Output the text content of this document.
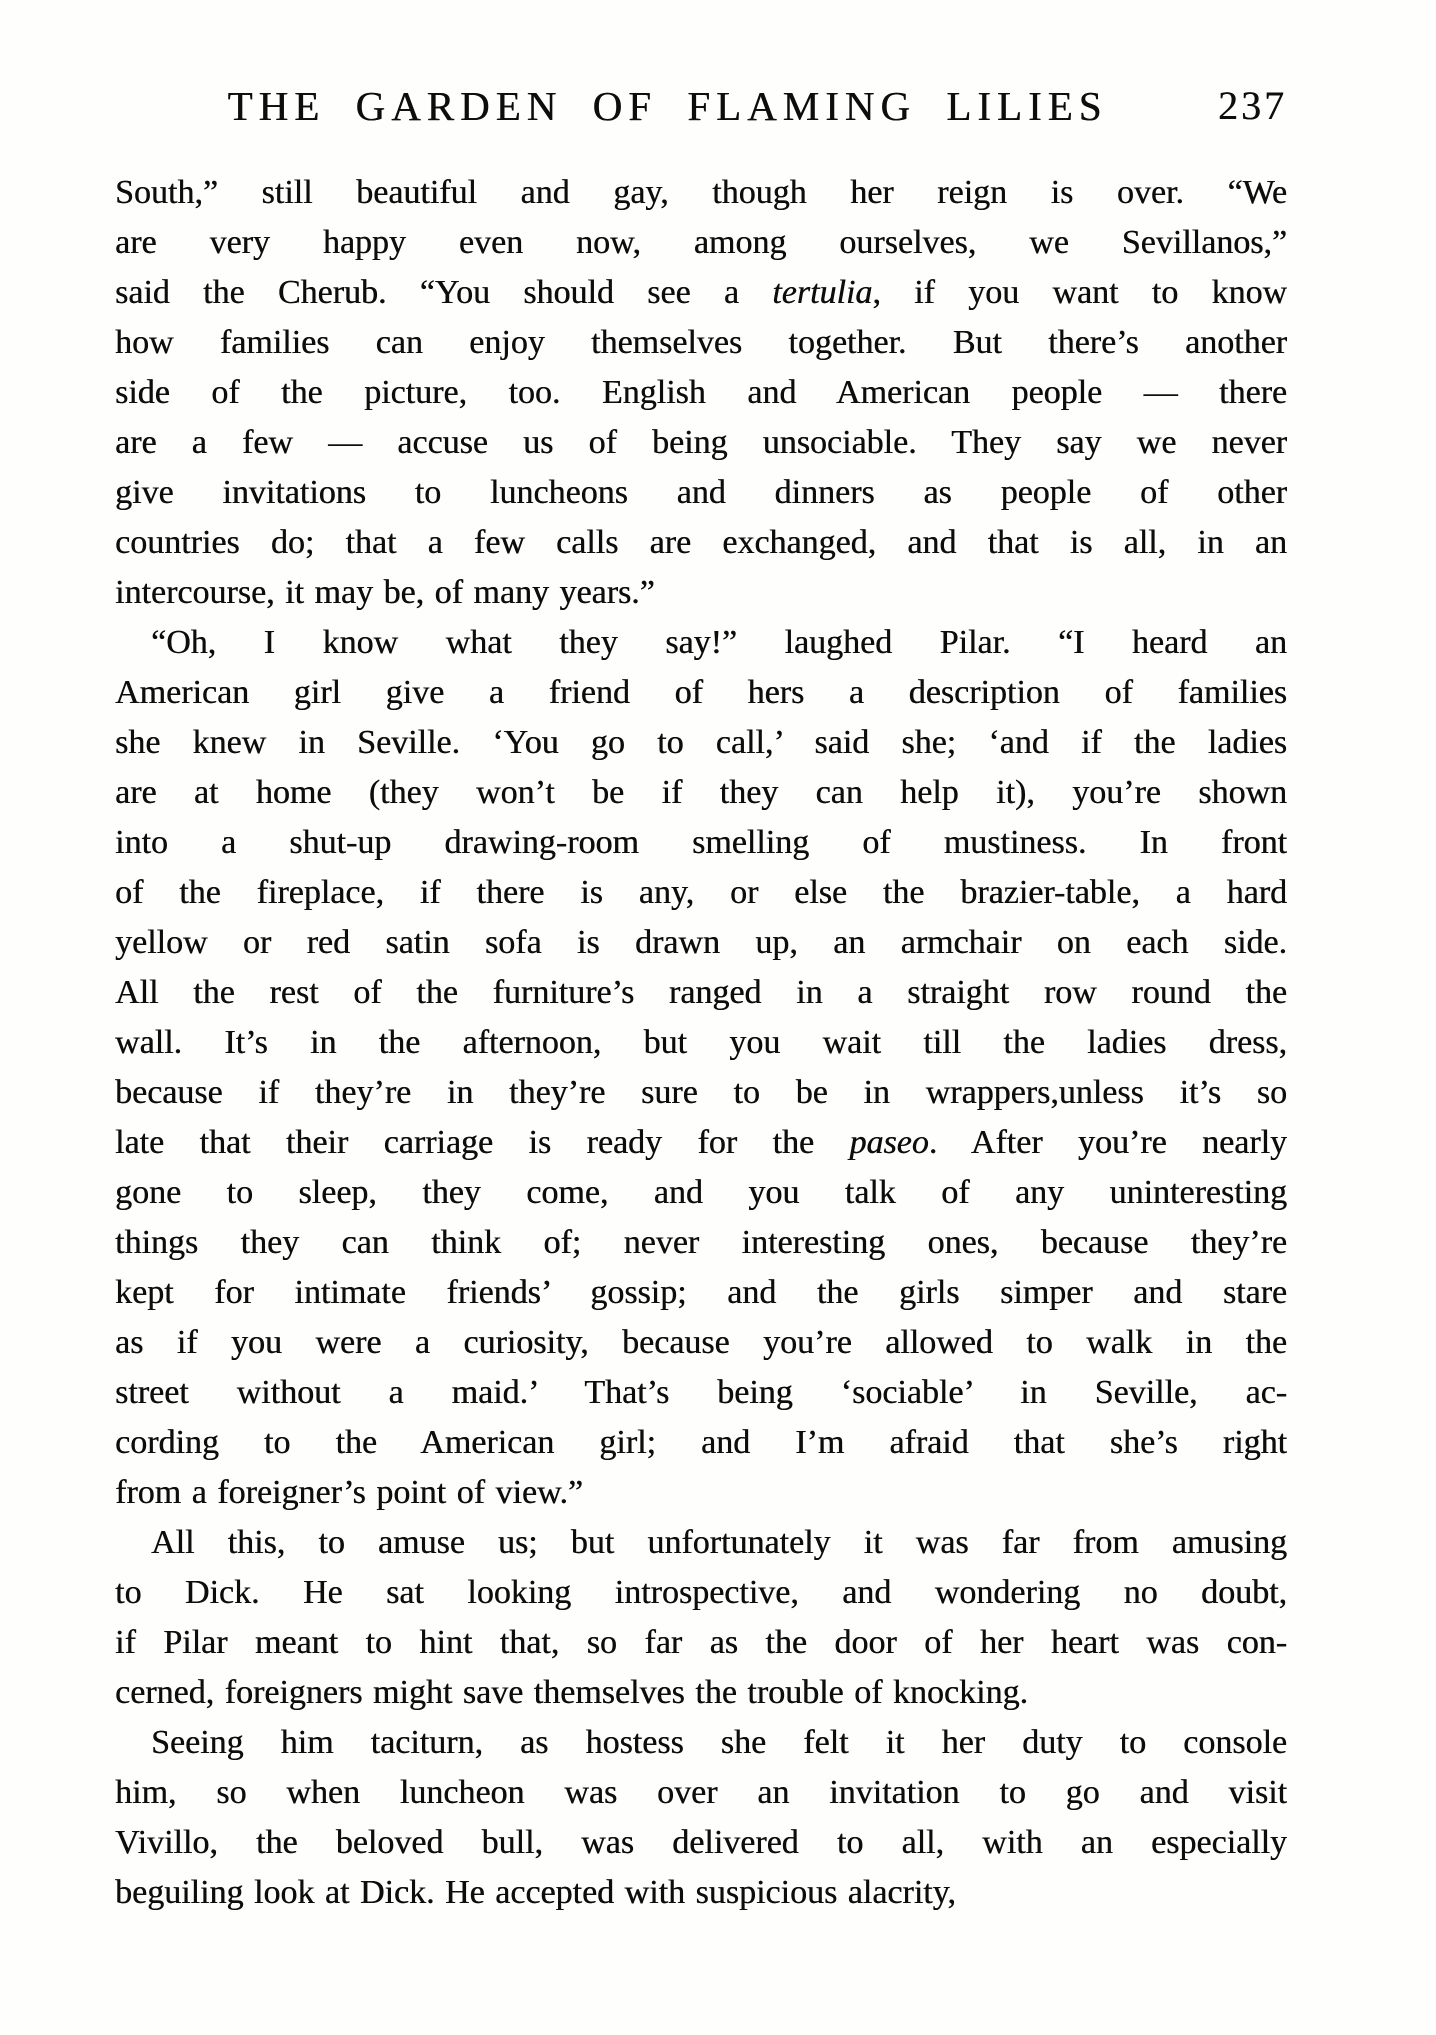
THE GARDEN OF FLAMING LILIES	237
South,” still beautiful and gay, though her reign is over. “We
are very happy even now, among ourselves, we Sevillanos,”
said the Cherub. “You should see a tertulia, if you want to know
how families can enjoy themselves together. But there’s another
side of the picture, too. English and American people — there
are a few — accuse us of being unsociable. They say we never
give invitations to luncheons and dinners as people of other
countries do; that a few calls are exchanged, and that is all, in an
intercourse, it may be, of many years.”
“Oh, I know what they say!” laughed Pilar. “I heard an
American girl give a friend of hers a description of families
she knew in Seville. ‘You go to call,’ said she; ‘and if the ladies
are at home (they won’t be if they can help it), you’re shown
into a shut-up drawing-room smelling of mustiness. In front
of the fireplace, if there is any, or else the brazier-table, a hard
yellow or red satin sofa is drawn up, an armchair on each side.
All the rest of the furniture’s ranged in a straight row round the
wall. It’s in the afternoon, but you wait till the ladies dress,
because if they’re in they’re sure to be in wrappers,unless it’s so
late that their carriage is ready for the paseo. After you’re nearly
gone to sleep, they come, and you talk of any uninteresting
things they can think of; never interesting ones, because they’re
kept for intimate friends’ gossip; and the girls simper and stare
as if you were a curiosity, because you’re allowed to walk in the
street without a maid.’ That’s being ‘sociable’ in Seville, ac-
cording to the American girl; and I’m afraid that she’s right
from a foreigner’s point of view.”
All this, to amuse us; but unfortunately it was far from amusing
to Dick. He sat looking introspective, and wondering no doubt,
if Pilar meant to hint that, so far as the door of her heart was con-
cerned, foreigners might save themselves the trouble of knocking.
Seeing him taciturn, as hostess she felt it her duty to console
him, so when luncheon was over an invitation to go and visit
Vivillo, the beloved bull, was delivered to all, with an especially
beguiling look at Dick. He accepted with suspicious alacrity,
